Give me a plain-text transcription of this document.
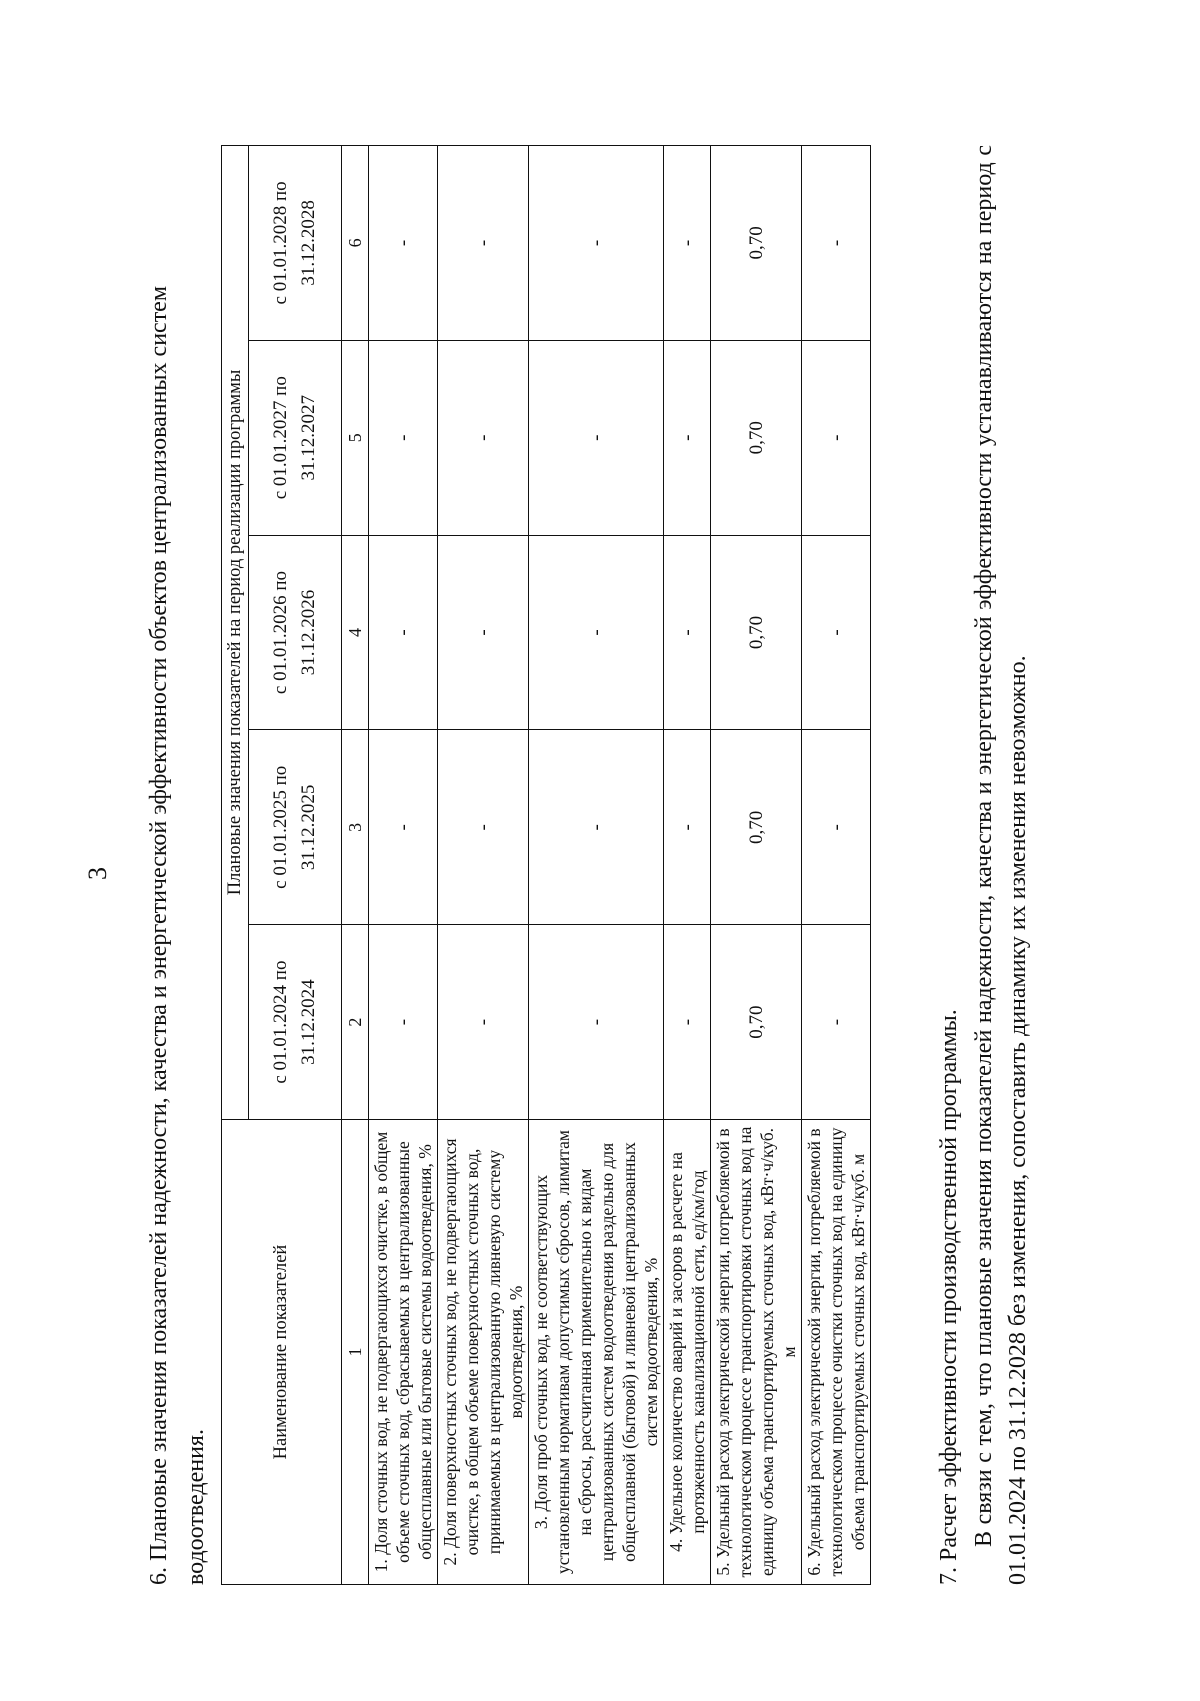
3 6. Плановые значения показателей надежности, качества и энергетической эффективности объектов централизованных систем водоотведения.
Наименование показателей	Плановые значения показателей на период реализации программы				
	с 01.01.2024 по 31.12.2024	с 01.01.2025 по 31.12.2025	с 01.01.2026 по 31.12.2026	с 01.01.2027 по 31.12.2027	с 01.01.2028 по 31.12.2028
1	2	3	4	5	6
1. Доля сточных вод, не подвергающихся очистке, в общем объеме сточных вод, сбрасываемых в централизованные общесплавные или бытовые системы водоотведения, %	-	-	-	-	-
2. Доля поверхностных сточных вод, не подвергающихся очистке, в общем объеме поверхностных сточных вод, принимаемых в централизованную ливневую систему водоотведения, %	-	-	-	-	-
3. Доля проб сточных вод, не соответствующих установленным нормативам допустимых сбросов, лимитам на сбросы, рассчитанная применительно к видам централизованных систем водоотведения раздельно для общесплавной (бытовой) и ливневой централизованных систем водоотведения, %	-	-	-	-	-
4. Удельное количество аварий и засоров в расчете на протяженность канализационной сети, ед/км/год	-	-	-	-	-
5. Удельный расход электрической энергии, потребляемой в технологическом процессе транспортировки сточных вод на единицу объема транспортируемых сточных вод, кВт·ч/куб. м	0,70	0,70	0,70	0,70	0,70
6. Удельный расход электрической энергии, потребляемой в технологическом процессе очистки сточных вод на единицу объема транспортируемых сточных вод, кВт·ч/куб. м	-	-	-	-	-
7. Расчет эффективности производственной программы. В связи с тем, что плановые значения показателей надежности, качества и энергетической эффективности устанавливаются на период с 01.01.2024 по 31.12.2028 без изменения, сопоставить динамику их изменения невозможно.
